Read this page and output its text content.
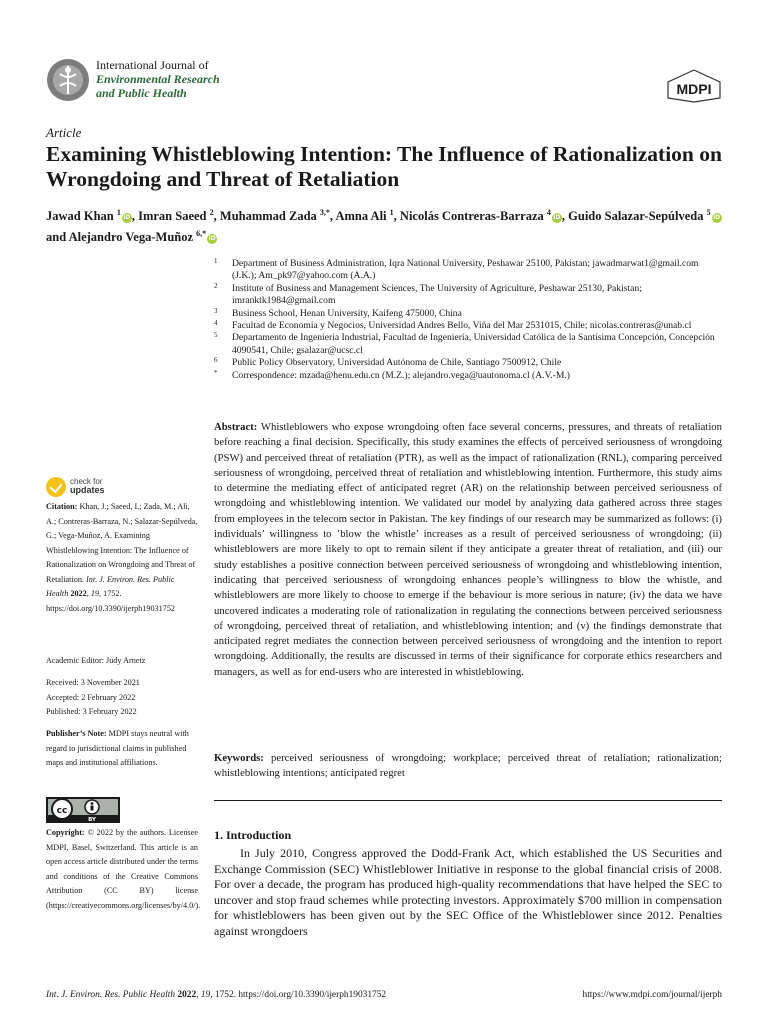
International Journal of
Environmental Research
and Public Health	MDPI
Article
Examining Whistleblowing Intention: The Influence of Rationalization on Wrongdoing and Threat of Retaliation
Jawad Khan $^1$iD, Imran Saeed $^2$, Muhammad Zada $^{3,*}$, Amna Ali $^1$, Nicolás Contreras-Barraza $^4$iD, Guido Salazar-Sepúlveda $^5$iD and Alejandro Vega-Muñoz $^{6,*}$iD
1 Department of Business Administration, Iqra National University, Peshawar 25100, Pakistan; jawadmarwat1@gmail.com (J.K.); Am_pk97@yahoo.com (A.A.)
2 Institute of Business and Management Sciences, The University of Agriculture, Peshawar 25130, Pakistan; imranktk1984@gmail.com
3 Business School, Henan University, Kaifeng 475000, China
4 Facultad de Economía y Negocios, Universidad Andres Bello, Viña del Mar 2531015, Chile; nicolas.contreras@unab.cl
5 Departamento de Ingeniería Industrial, Facultad de Ingeniería, Universidad Católica de la Santísima Concepción, Concepción 4090541, Chile; gsalazar@ucsc.cl
6 Public Policy Observatory, Universidad Autónoma de Chile, Santiago 7500912, Chile
* Correspondence: mzada@henu.edu.cn (M.Z.); alejandro.vega@uautonoma.cl (A.V.-M.)
Abstract: Whistleblowers who expose wrongdoing often face several concerns, pressures, and threats of retaliation before reaching a final decision. Specifically, this study examines the effects of perceived seriousness of wrongdoing (PSW) and perceived threat of retaliation (PTR), as well as the impact of rationalization (RNL), comparing perceived seriousness of wrongdoing, perceived threat of retaliation and whistleblowing intention. Furthermore, this study aims to determine the mediating effect of anticipated regret (AR) on the relationship between perceived seriousness of wrongdoing and whistleblowing intention. We validated our model by analyzing data gathered across three stages from employees in the telecom sector in Pakistan. The key findings of our research may be summarized as follows: (i) individuals’ willingness to ’blow the whistle’ increases as a result of perceived seriousness of wrongdoing; (ii) whistleblowers are more likely to opt to remain silent if they anticipate a greater threat of retaliation, and (iii) our study establishes a positive connection between perceived seriousness of wrongdoing and whistleblowing intention, indicating that perceived seriousness of wrongdoing enhances people’s willingness to blow the whistle, and whistleblowers are more likely to choose to emerge if the behaviour is more serious in nature; (iv) the data we have uncovered indicates a moderating role of rationalization in regulating the connections between perceived seriousness of wrongdoing, perceived threat of retaliation, and whistleblowing intention; and (v) the findings demonstrate that anticipated regret mediates the connection between perceived seriousness of wrongdoing and the intention to report wrongdoing. Additionally, the results are discussed in terms of their significance for corporate ethics researchers and managers, as well as for end-users who are interested in whistleblowing.
Keywords: perceived seriousness of wrongdoing; workplace; perceived threat of retaliation; rationalization; whistleblowing intentions; anticipated regret
1. Introduction

In July 2010, Congress approved the Dodd-Frank Act, which established the US Securities and Exchange Commission (SEC) Whistleblower Initiative in response to the global financial crisis of 2008. For over a decade, the program has produced high-quality recommendations that have helped the SEC to uncover and stop fraud schemes while protecting investors. Approximately $700 million in compensation for whistleblowers has been given out by the SEC Office of the Whistleblower since 2012. Penalties against wrongdoers

check for
updates
Citation: Khan, J.; Saeed, I.; Zada, M.; Ali, A.; Contreras-Barraza, N.; Salazar-Sepúlveda, G.; Vega-Muñoz, A. Examining Whistleblowing Intention: The Influence of Rationalization on Wrongdoing and Threat of Retaliation. Int. J. Environ. Res. Public Health 2022, 19, 1752. https://doi.org/10.3390/ijerph19031752
Academic Editor: Judy Arnetz
Received: 3 November 2021
Accepted: 2 February 2022
Published: 3 February 2022
Publisher’s Note: MDPI stays neutral with regard to jurisdictional claims in published maps and institutional affiliations.
cc
BY
Copyright: © 2022 by the authors. Licensee MDPI, Basel, Switzerland. This article is an open access article distributed under the terms and conditions of the Creative Commons Attribution (CC BY) license (https://creativecommons.org/licenses/by/4.0/).
Int. J. Environ. Res. Public Health 2022, 19, 1752. https://doi.org/10.3390/ijerph19031752	https://www.mdpi.com/journal/ijerph
